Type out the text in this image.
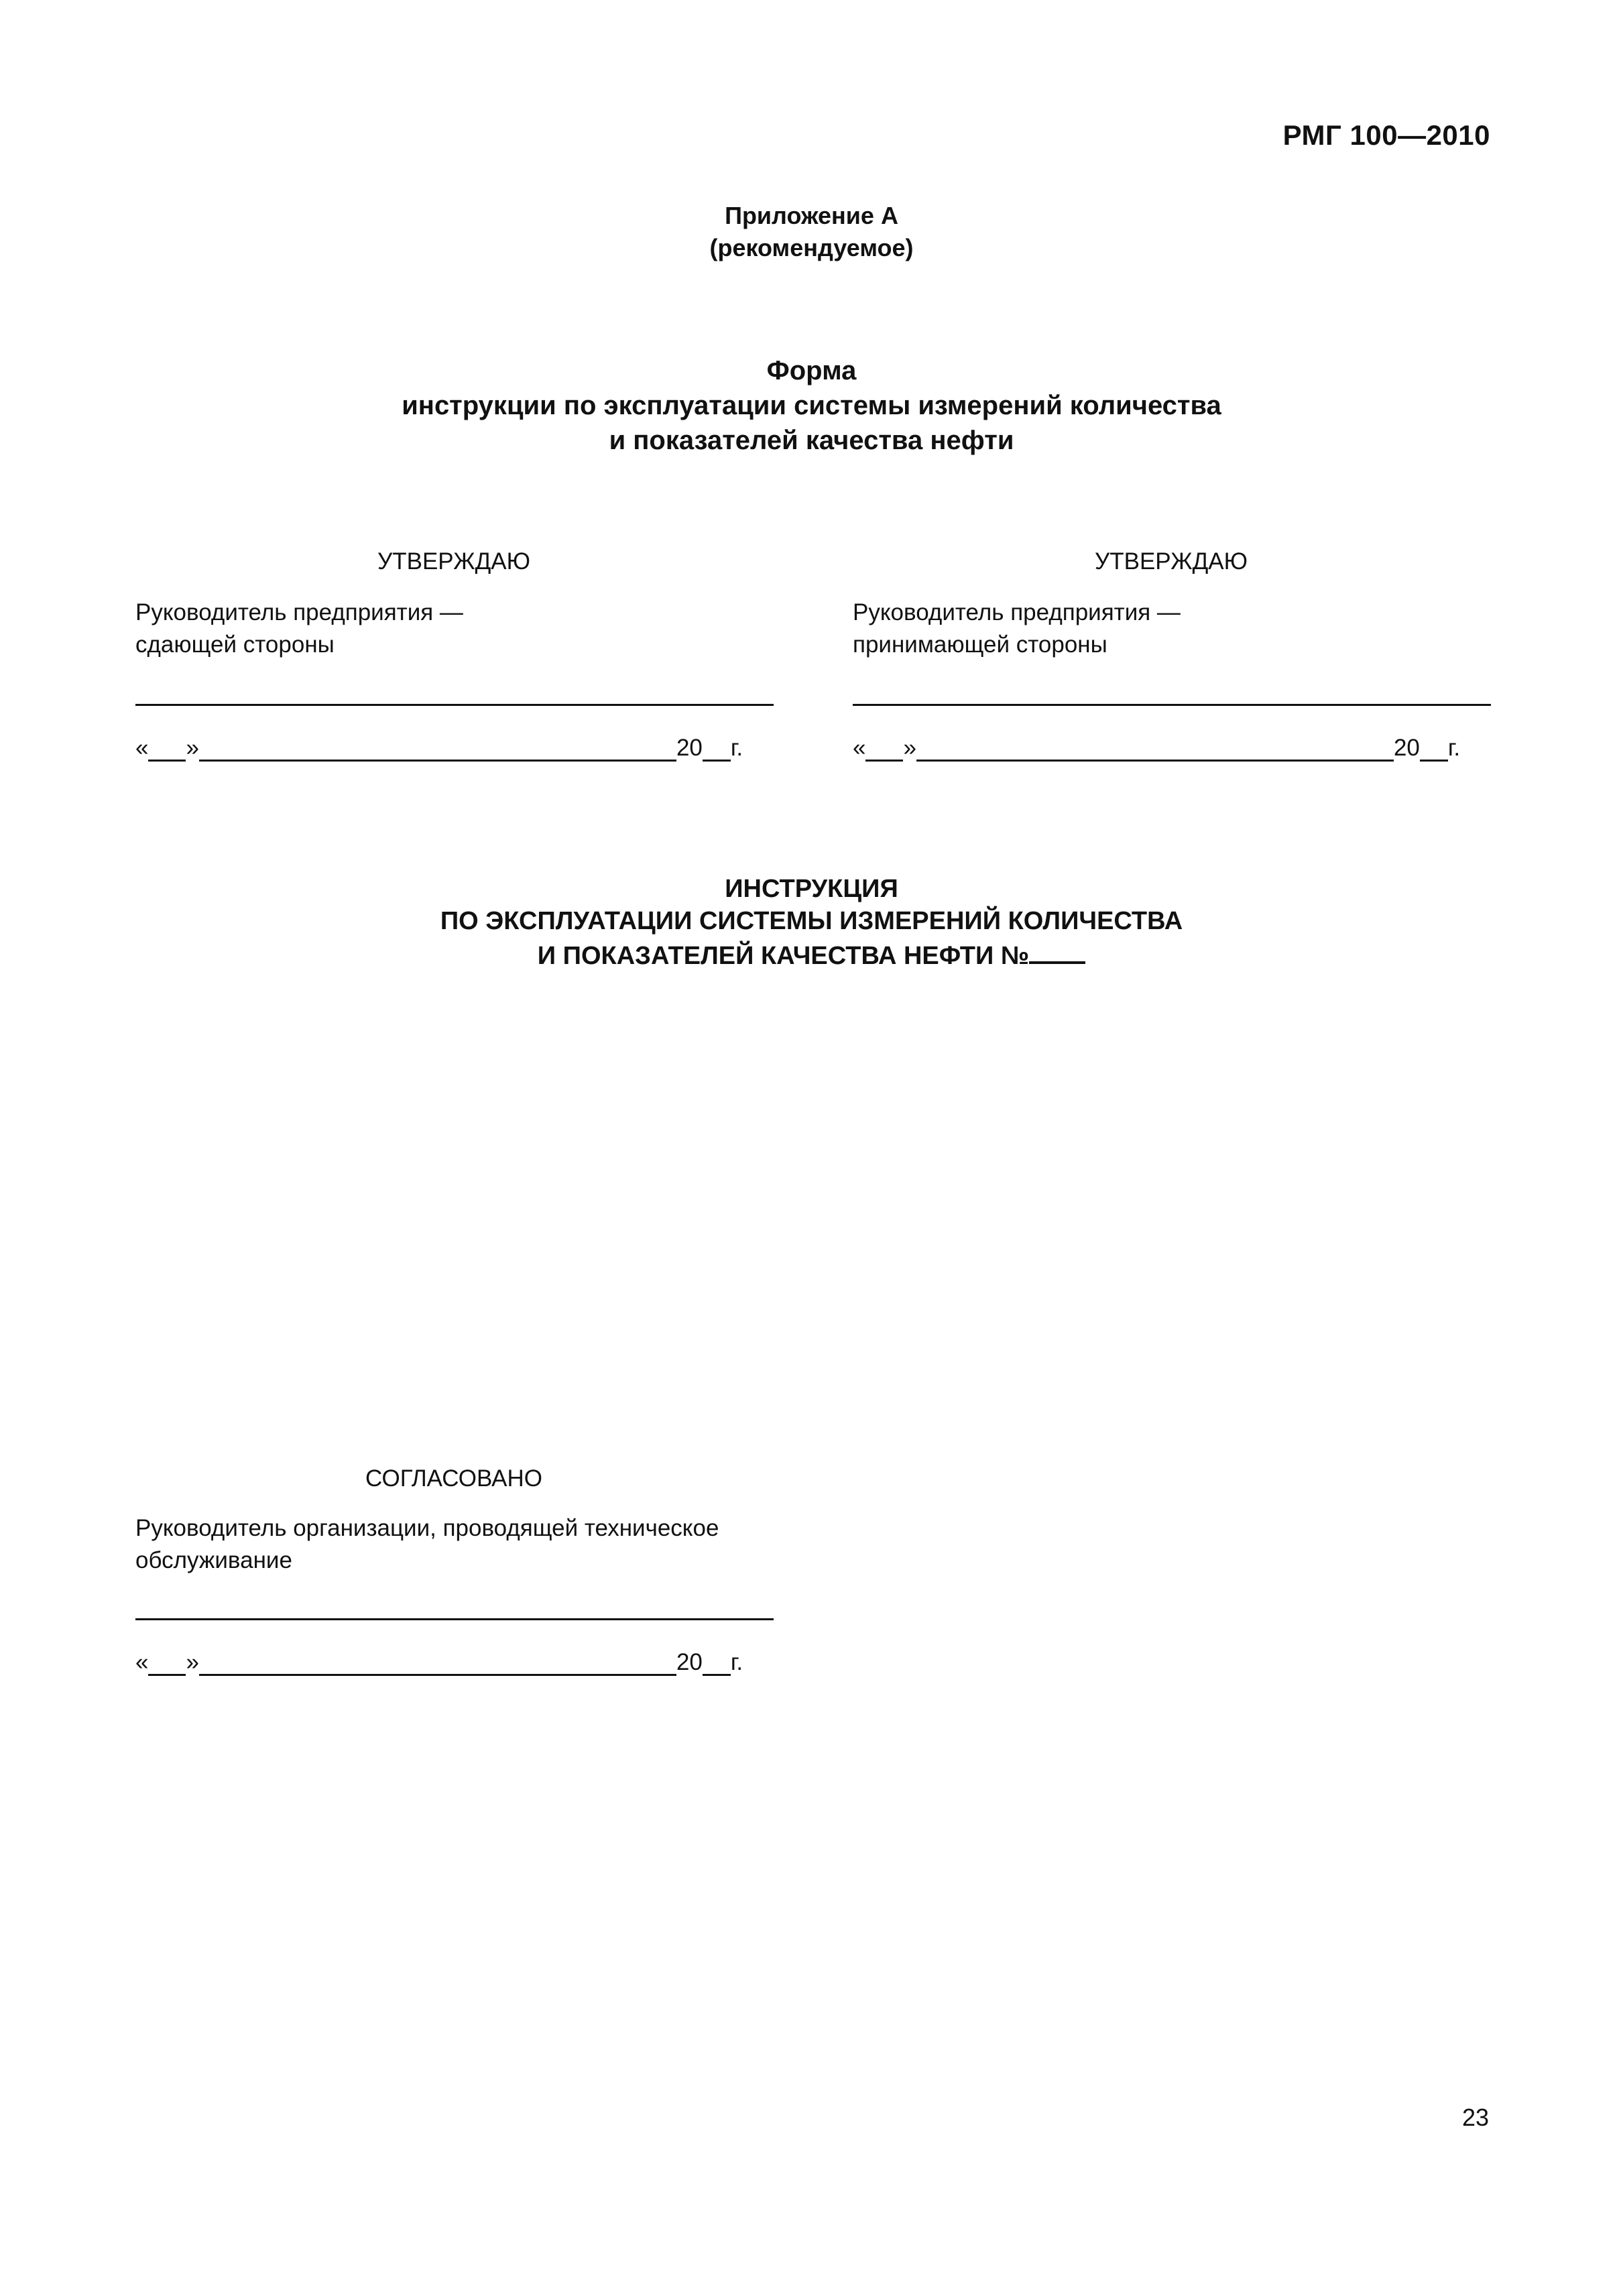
РМГ 100—2010
Приложение А
(рекомендуемое)
Форма
инструкции по эксплуатации системы измерений количества
и показателей качества нефти
УТВЕРЖДАЮ
Руководитель предприятия —
сдающей стороны
« »	20 г.
УТВЕРЖДАЮ
Руководитель предприятия —
принимающей стороны
« »	20 г.
ИНСТРУКЦИЯ
ПО ЭКСПЛУАТАЦИИ СИСТЕМЫ ИЗМЕРЕНИЙ КОЛИЧЕСТВА
И ПОКАЗАТЕЛЕЙ КАЧЕСТВА НЕФТИ №
СОГЛАСОВАНО
Руководитель организации, проводящей техническое
обслуживание
« »	20 г.
23
